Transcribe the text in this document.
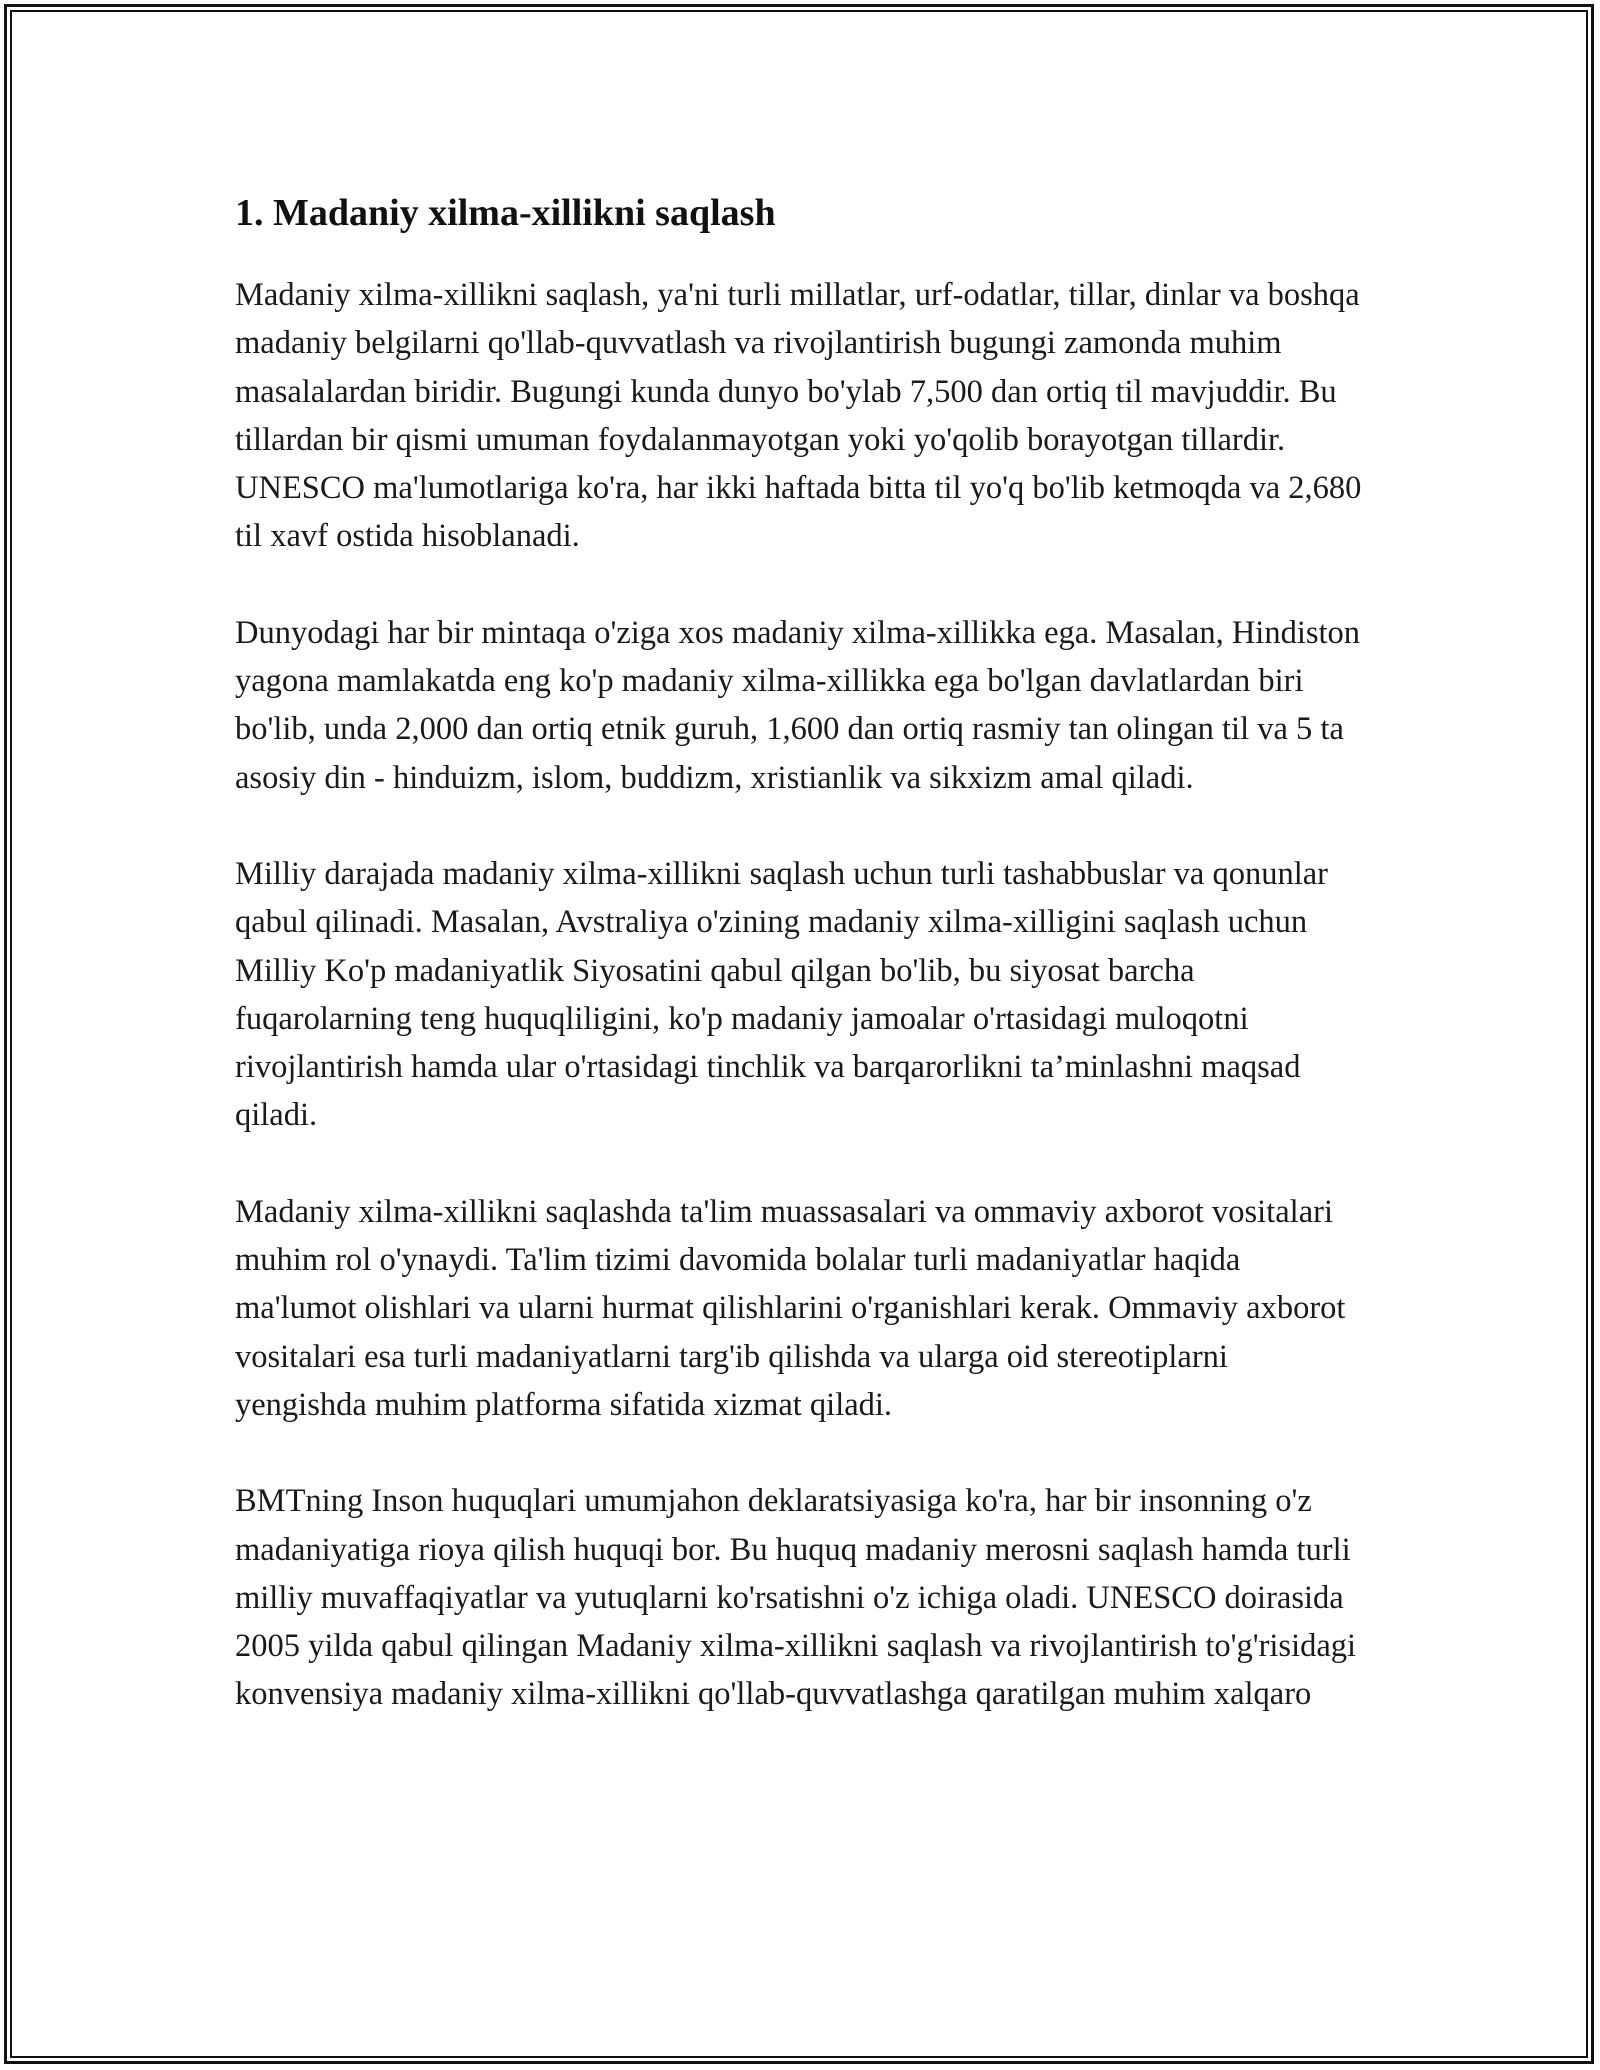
1. Madaniy xilma-xillikni saqlash

Madaniy xilma-xillikni saqlash, ya'ni turli millatlar, urf-odatlar, tillar, dinlar va boshqa madaniy belgilarni qo'llab-quvvatlash va rivojlantirish bugungi zamonda muhim masalalardan biridir. Bugungi kunda dunyo bo'ylab 7,500 dan ortiq til mavjuddir. Bu tillardan bir qismi umuman foydalanmayotgan yoki yo'qolib borayotgan tillardir. UNESCO ma'lumotlariga ko'ra, har ikki haftada bitta til yo'q bo'lib ketmoqda va 2,680 til xavf ostida hisoblanadi.

Dunyodagi har bir mintaqa o'ziga xos madaniy xilma-xillikka ega. Masalan, Hindiston yagona mamlakatda eng ko'p madaniy xilma-xillikka ega bo'lgan davlatlardan biri bo'lib, unda 2,000 dan ortiq etnik guruh, 1,600 dan ortiq rasmiy tan olingan til va 5 ta asosiy din - hinduizm, islom, buddizm, xristianlik va sikxizm amal qiladi.

Milliy darajada madaniy xilma-xillikni saqlash uchun turli tashabbuslar va qonunlar qabul qilinadi. Masalan, Avstraliya o'zining madaniy xilma-xilligini saqlash uchun Milliy Ko'p madaniyatlik Siyosatini qabul qilgan bo'lib, bu siyosat barcha fuqarolarning teng huquqliligini, ko'p madaniy jamoalar o'rtasidagi muloqotni rivojlantirish hamda ular o'rtasidagi tinchlik va barqarorlikni ta’minlashni maqsad qiladi.

Madaniy xilma-xillikni saqlashda ta'lim muassasalari va ommaviy axborot vositalari muhim rol o'ynaydi. Ta'lim tizimi davomida bolalar turli madaniyatlar haqida ma'lumot olishlari va ularni hurmat qilishlarini o'rganishlari kerak. Ommaviy axborot vositalari esa turli madaniyatlarni targ'ib qilishda va ularga oid stereotiplarni yengishda muhim platforma sifatida xizmat qiladi.

BMTning Inson huquqlari umumjahon deklaratsiyasiga ko'ra, har bir insonning o'z madaniyatiga rioya qilish huquqi bor. Bu huquq madaniy merosni saqlash hamda turli milliy muvaffaqiyatlar va yutuqlarni ko'rsatishni o'z ichiga oladi. UNESCO doirasida 2005 yilda qabul qilingan Madaniy xilma-xillikni saqlash va rivojlantirish to'g'risidagi konvensiya madaniy xilma-xillikni qo'llab-quvvatlashga qaratilgan muhim xalqaro
